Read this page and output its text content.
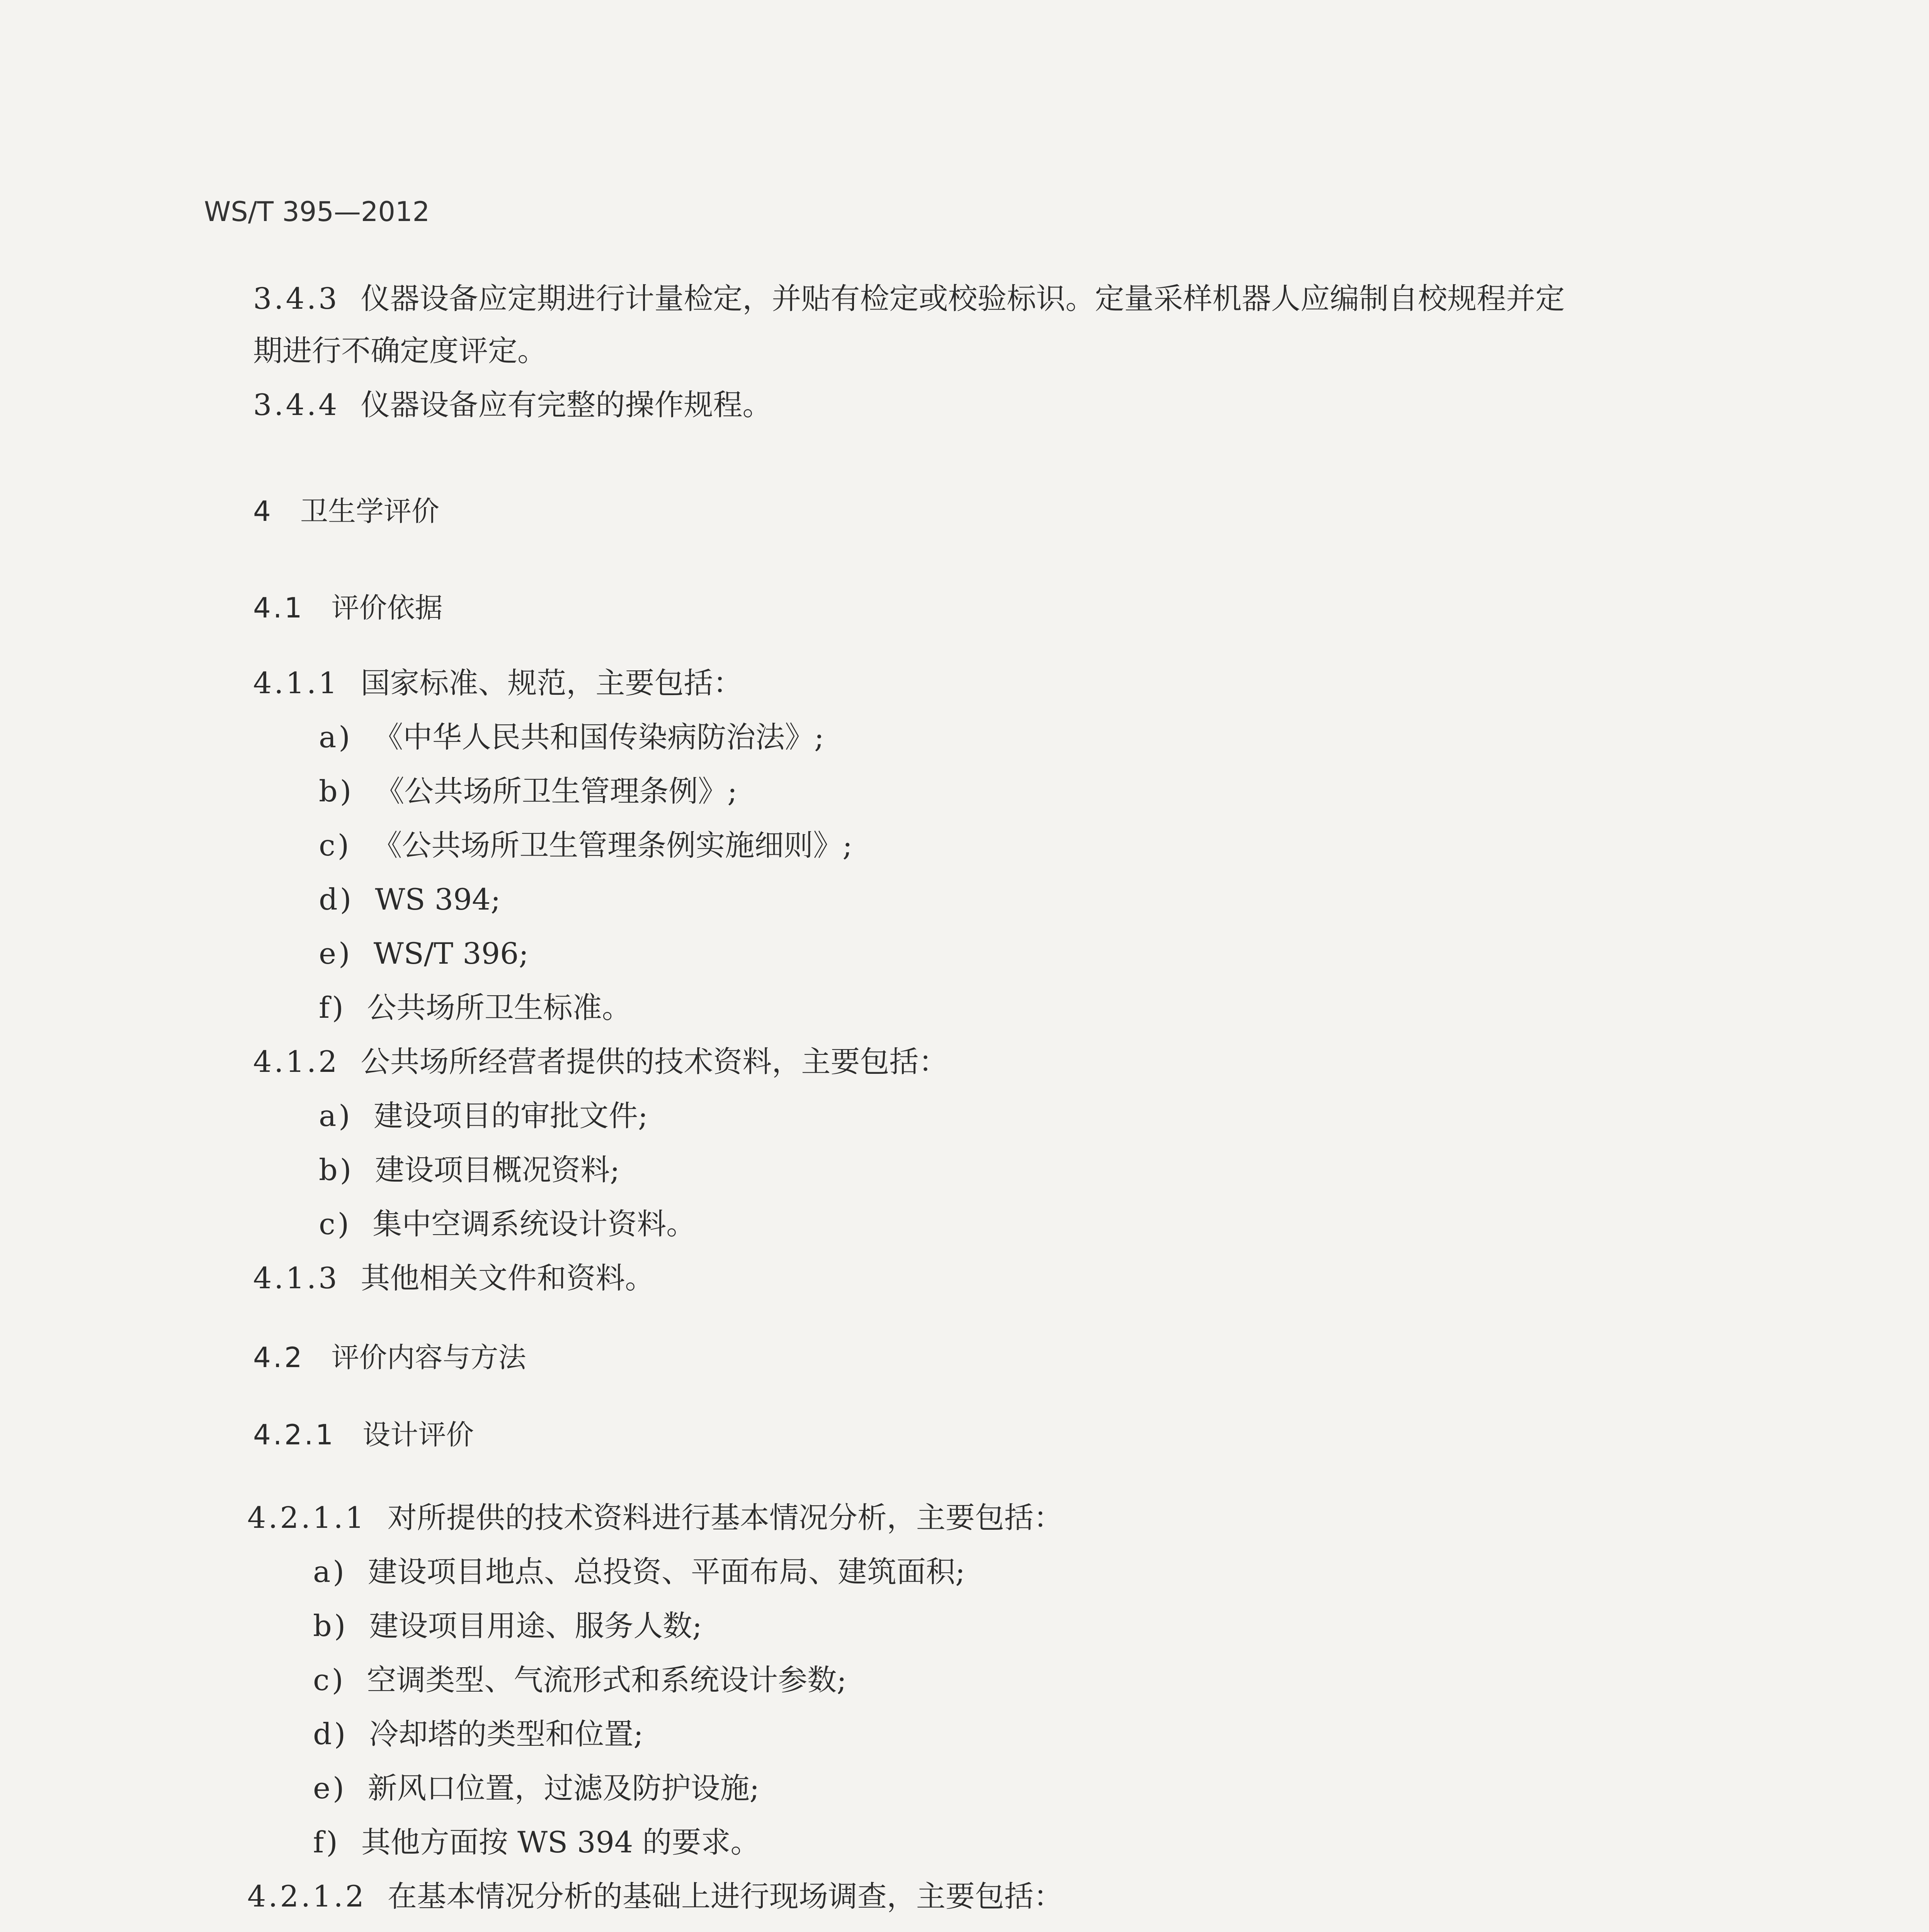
WS/T 395—2012
3.4.3 仪器设备应定期进行计量检定，并贴有检定或校验标识。定量采样机器人应编制自校规程并定
期进行不确定度评定。
3.4.4 仪器设备应有完整的操作规程。
4 卫生学评价
4.1 评价依据
4.1.1 国家标准、规范，主要包括：
a) 《中华人民共和国传染病防治法》;
b) 《公共场所卫生管理条例》;
c) 《公共场所卫生管理条例实施细则》;
d) WS 394;
e) WS/T 396;
f) 公共场所卫生标准。
4.1.2 公共场所经营者提供的技术资料，主要包括：
a) 建设项目的审批文件;
b) 建设项目概况资料;
c) 集中空调系统设计资料。
4.1.3 其他相关文件和资料。
4.2 评价内容与方法
4.2.1 设计评价
4.2.1.1 对所提供的技术资料进行基本情况分析，主要包括：
a) 建设项目地点、总投资、平面布局、建筑面积;
b) 建设项目用途、服务人数;
c) 空调类型、气流形式和系统设计参数;
d) 冷却塔的类型和位置;
e) 新风口位置，过滤及防护设施;
f) 其他方面按 WS 394 的要求。
4.2.1.2 在基本情况分析的基础上进行现场调查，主要包括：
